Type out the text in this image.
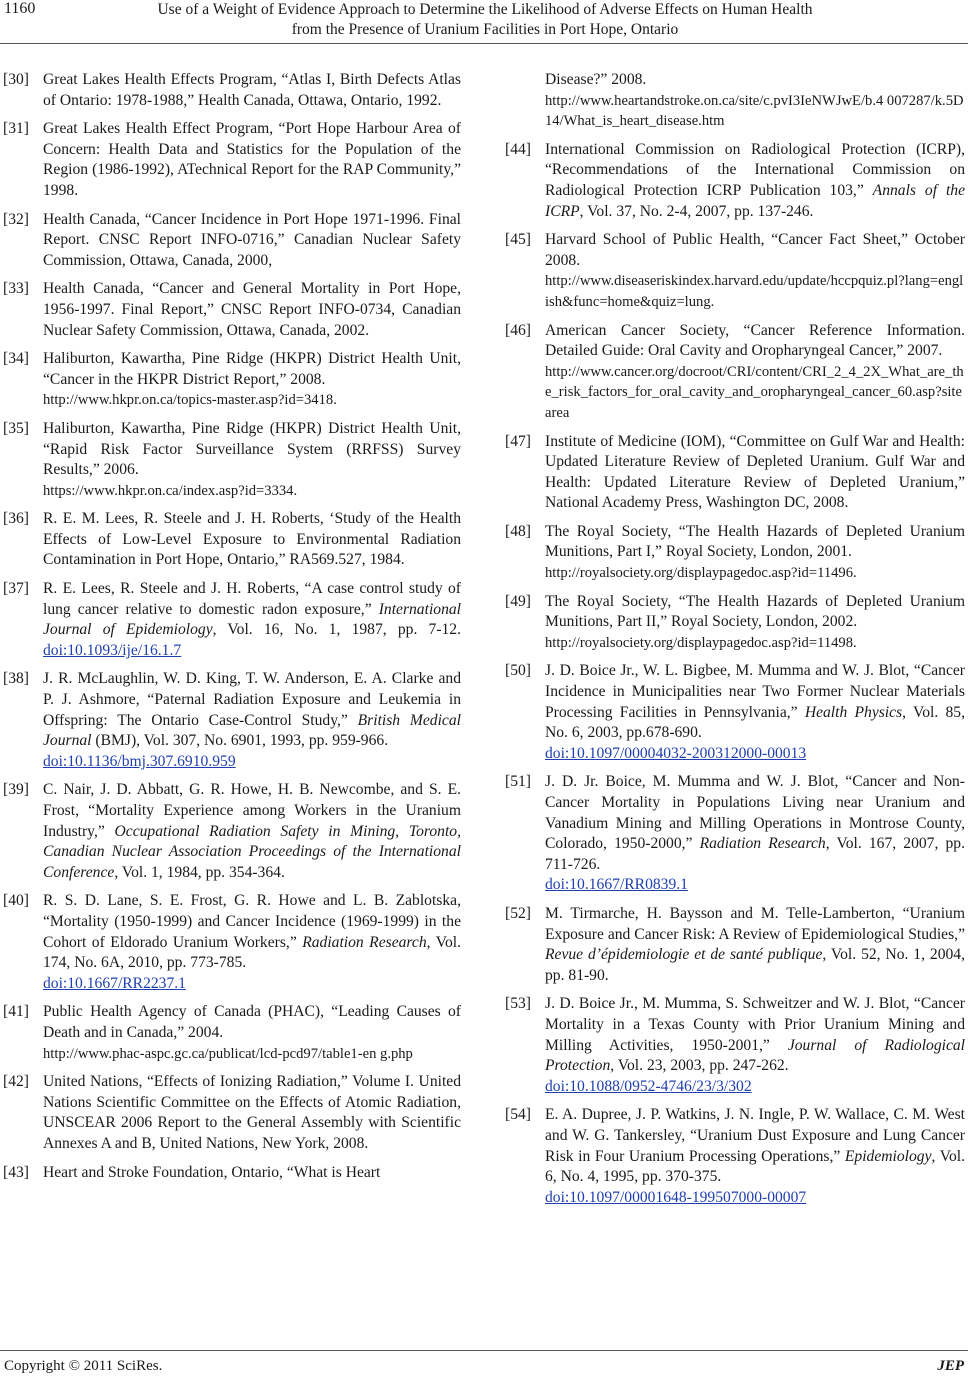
1160	Use of a Weight of Evidence Approach to Determine the Likelihood of Adverse Effects on Human Health
from the Presence of Uranium Facilities in Port Hope, Ontario
[30] Great Lakes Health Effects Program, “Atlas I, Birth Defects Atlas of Ontario: 1978-1988,” Health Canada, Ottawa, Ontario, 1992.
[31] Great Lakes Health Effect Program, “Port Hope Harbour Area of Concern: Health Data and Statistics for the Population of the Region (1986-1992), ATechnical Report for the RAP Community,” 1998.
[32] Health Canada, “Cancer Incidence in Port Hope 1971-1996. Final Report. CNSC Report INFO-0716,” Canadian Nuclear Safety Commission, Ottawa, Canada, 2000,
[33] Health Canada, “Cancer and General Mortality in Port Hope, 1956-1997. Final Report,” CNSC Report INFO-0734, Canadian Nuclear Safety Commission, Ottawa, Canada, 2002.
[34] Haliburton, Kawartha, Pine Ridge (HKPR) District Health Unit, “Cancer in the HKPR District Report,” 2008.
http://www.hkpr.on.ca/topics-master.asp?id=3418.
[35] Haliburton, Kawartha, Pine Ridge (HKPR) District Health Unit, “Rapid Risk Factor Surveillance System (RRFSS) Survey Results,” 2006.
https://www.hkpr.on.ca/index.asp?id=3334.
[36] R. E. M. Lees, R. Steele and J. H. Roberts, ‘Study of the Health Effects of Low-Level Exposure to Environmental Radiation Contamination in Port Hope, Ontario,” RA569.527, 1984.
[37] R. E. Lees, R. Steele and J. H. Roberts, “A case control study of lung cancer relative to domestic radon exposure,” International Journal of Epidemiology, Vol. 16, No. 1, 1987, pp. 7-12. doi:10.1093/ije/16.1.7
[38] J. R. McLaughlin, W. D. King, T. W. Anderson, E. A. Clarke and P. J. Ashmore, “Paternal Radiation Exposure and Leukemia in Offspring: The Ontario Case-Control Study,” British Medical Journal (BMJ), Vol. 307, No. 6901, 1993, pp. 959-966.
doi:10.1136/bmj.307.6910.959
[39] C. Nair, J. D. Abbatt, G. R. Howe, H. B. Newcombe, and S. E. Frost, “Mortality Experience among Workers in the Uranium Industry,” Occupational Radiation Safety in Mining, Toronto, Canadian Nuclear Association Proceedings of the International Conference, Vol. 1, 1984, pp. 354-364.
[40] R. S. D. Lane, S. E. Frost, G. R. Howe and L. B. Zablotska, “Mortality (1950-1999) and Cancer Incidence (1969-1999) in the Cohort of Eldorado Uranium Workers,” Radiation Research, Vol. 174, No. 6A, 2010, pp. 773-785.
doi:10.1667/RR2237.1
[41] Public Health Agency of Canada (PHAC), “Leading Causes of Death and in Canada,” 2004.
http://www.phac-aspc.gc.ca/publicat/lcd-pcd97/table1-en g.php
[42] United Nations, “Effects of Ionizing Radiation,” Volume I. United Nations Scientific Committee on the Effects of Atomic Radiation, UNSCEAR 2006 Report to the General Assembly with Scientific Annexes A and B, United Nations, New York, 2008.
[43] Heart and Stroke Foundation, Ontario, “What is Heart
Disease?” 2008.
http://www.heartandstroke.on.ca/site/c.pvI3IeNWJwE/b.4 007287/k.5D14/What_is_heart_disease.htm
[44] International Commission on Radiological Protection (ICRP), “Recommendations of the International Commission on Radiological Protection ICRP Publication 103,” Annals of the ICRP, Vol. 37, No. 2-4, 2007, pp. 137-246.
[45] Harvard School of Public Health, “Cancer Fact Sheet,” October 2008.
http://www.diseaseriskindex.harvard.edu/update/hccpquiz.pl?lang=english&func=home&quiz=lung.
[46] American Cancer Society, “Cancer Reference Information. Detailed Guide: Oral Cavity and Oropharyngeal Cancer,” 2007.
http://www.cancer.org/docroot/CRI/content/CRI_2_4_2X_What_are_the_risk_factors_for_oral_cavity_and_oropharyngeal_cancer_60.asp?sitearea
[47] Institute of Medicine (IOM), “Committee on Gulf War and Health: Updated Literature Review of Depleted Uranium. Gulf War and Health: Updated Literature Review of Depleted Uranium,” National Academy Press, Washington DC, 2008.
[48] The Royal Society, “The Health Hazards of Depleted Uranium Munitions, Part I,” Royal Society, London, 2001.
http://royalsociety.org/displaypagedoc.asp?id=11496.
[49] The Royal Society, “The Health Hazards of Depleted Uranium Munitions, Part II,” Royal Society, London, 2002.
http://royalsociety.org/displaypagedoc.asp?id=11498.
[50] J. D. Boice Jr., W. L. Bigbee, M. Mumma and W. J. Blot, “Cancer Incidence in Municipalities near Two Former Nuclear Materials Processing Facilities in Pennsylvania,” Health Physics, Vol. 85, No. 6, 2003, pp.678-690.
doi:10.1097/00004032-200312000-00013
[51] J. D. Jr. Boice, M. Mumma and W. J. Blot, “Cancer and Non-Cancer Mortality in Populations Living near Uranium and Vanadium Mining and Milling Operations in Montrose County, Colorado, 1950-2000,” Radiation Research, Vol. 167, 2007, pp. 711-726.
doi:10.1667/RR0839.1
[52] M. Tirmarche, H. Baysson and M. Telle-Lamberton, “Uranium Exposure and Cancer Risk: A Review of Epidemiological Studies,” Revue d’épidemiologie et de santé publique, Vol. 52, No. 1, 2004, pp. 81-90.
[53] J. D. Boice Jr., M. Mumma, S. Schweitzer and W. J. Blot, “Cancer Mortality in a Texas County with Prior Uranium Mining and Milling Activities, 1950-2001,” Journal of Radiological Protection, Vol. 23, 2003, pp. 247-262.
doi:10.1088/0952-4746/23/3/302
[54] E. A. Dupree, J. P. Watkins, J. N. Ingle, P. W. Wallace, C. M. West and W. G. Tankersley, “Uranium Dust Exposure and Lung Cancer Risk in Four Uranium Processing Operations,” Epidemiology, Vol. 6, No. 4, 1995, pp. 370-375.
doi:10.1097/00001648-199507000-00007
Copyright © 2011 SciRes.	JEP
